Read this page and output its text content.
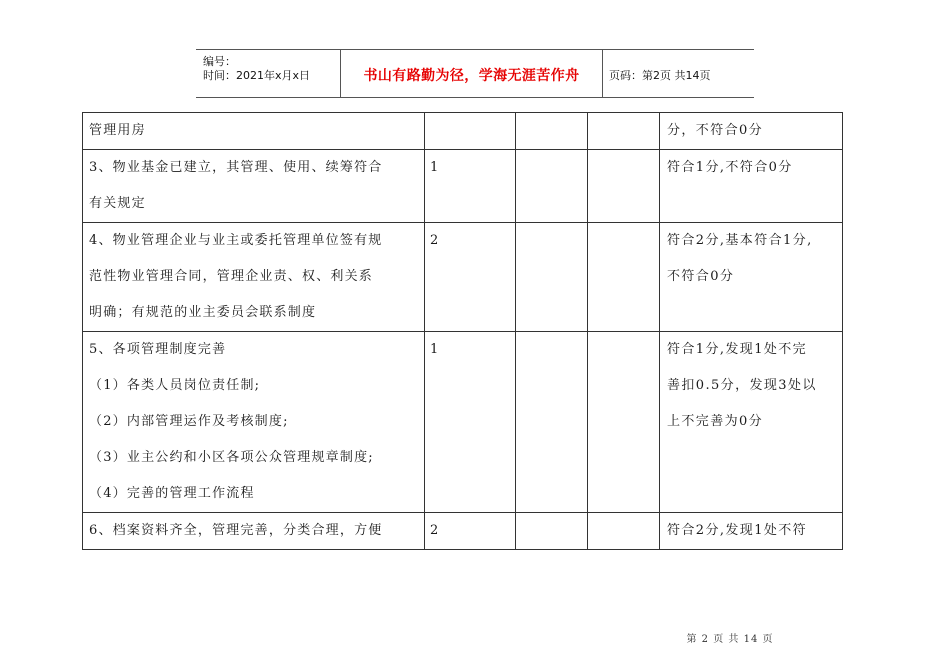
编号：
时间：2021年x月x日	书山有路勤为径，学海无涯苦作舟	页码：第2页 共14页
管理用房				分，不符合0分

3、物业基金已建立，其管理、使用、续筹符合
有关规定	1			符合1分,不符合0分

4、物业管理企业与业主或委托管理单位签有规
范性物业管理合同，管理企业责、权、利关系
明确；有规范的业主委员会联系制度	2			符合2分,基本符合1分,
不符合0分

5、各项管理制度完善
（1）各类人员岗位责任制;
（2）内部管理运作及考核制度;
（3）业主公约和小区各项公众管理规章制度;
（4）完善的管理工作流程	1			符合1分,发现1处不完
善扣0.5分，发现3处以
上不完善为0分

6、档案资料齐全，管理完善，分类合理，方便	2			符合2分,发现1处不符
第 2 页 共 14 页
